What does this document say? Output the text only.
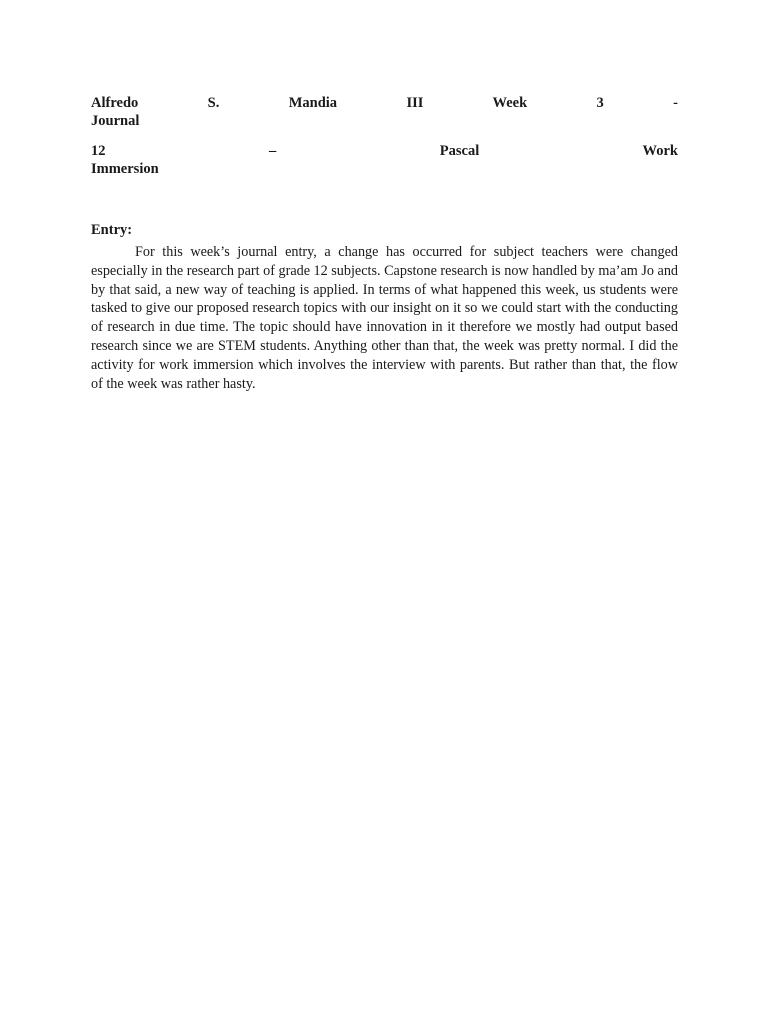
Alfredo S. Mandia III	Week 3 -
Journal
12 – Pascal	Work
Immersion
Entry:

For this week’s journal entry, a change has occurred for subject teachers were changed especially in the research part of grade 12 subjects. Capstone research is now handled by ma’am Jo and by that said, a new way of teaching is applied. In terms of what happened this week, us students were tasked to give our proposed research topics with our insight on it so we could start with the conducting of research in due time. The topic should have innovation in it therefore we mostly had output based research since we are STEM students. Anything other than that, the week was pretty normal. I did the activity for work immersion which involves the interview with parents. But rather than that, the flow of the week was rather hasty.
